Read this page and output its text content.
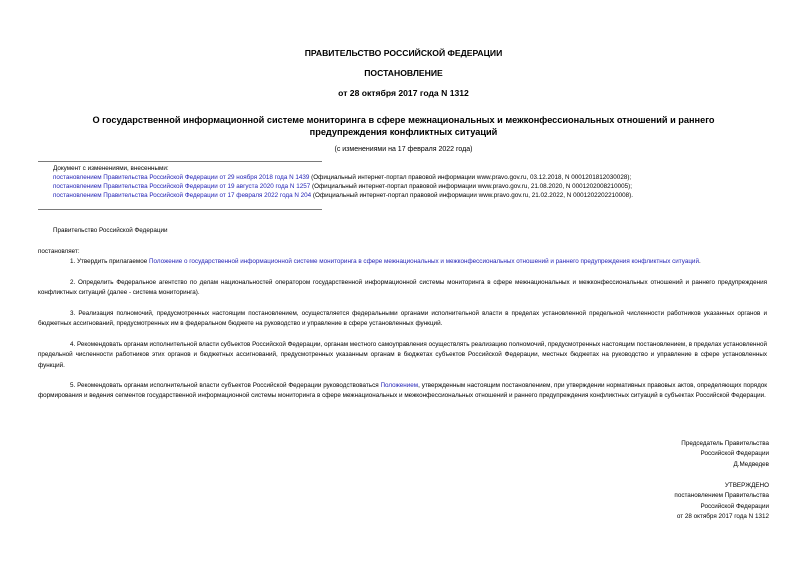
ПРАВИТЕЛЬСТВО РОССИЙСКОЙ ФЕДЕРАЦИИ
ПОСТАНОВЛЕНИЕ
от 28 октября 2017 года N 1312
О государственной информационной системе мониторинга в сфере межнациональных и межконфессиональных отношений и раннего предупреждения конфликтных ситуаций
(с изменениями на 17 февраля 2022 года)
Документ с изменениями, внесенными:
постановлением Правительства Российской Федерации от 29 ноября 2018 года N 1439 (Официальный интернет-портал правовой информации www.pravo.gov.ru, 03.12.2018, N 0001201812030028);
постановлением Правительства Российской Федерации от 19 августа 2020 года N 1257 (Официальный интернет-портал правовой информации www.pravo.gov.ru, 21.08.2020, N 0001202008210005);
постановлением Правительства Российской Федерации от 17 февраля 2022 года N 204 (Официальный интернет-портал правовой информации www.pravo.gov.ru, 21.02.2022, N 0001202202210008).
Правительство Российской Федерации
постановляет:
1. Утвердить прилагаемое Положение о государственной информационной системе мониторинга в сфере межнациональных и межконфессиональных отношений и раннего предупреждения конфликтных ситуаций.
2. Определить Федеральное агентство по делам национальностей оператором государственной информационной системы мониторинга в сфере межнациональных и межконфессиональных отношений и раннего предупреждения конфликтных ситуаций (далее - система мониторинга).
3. Реализация полномочий, предусмотренных настоящим постановлением, осуществляется федеральными органами исполнительной власти в пределах установленной предельной численности работников указанных органов и бюджетных ассигнований, предусмотренных им в федеральном бюджете на руководство и управление в сфере установленных функций.
4. Рекомендовать органам исполнительной власти субъектов Российской Федерации, органам местного самоуправления осуществлять реализацию полномочий, предусмотренных настоящим постановлением, в пределах установленной предельной численности работников этих органов и бюджетных ассигнований, предусмотренных указанным органам в бюджетах субъектов Российской Федерации, местных бюджетах на руководство и управление в сфере установленных функций.
5. Рекомендовать органам исполнительной власти субъектов Российской Федерации руководствоваться Положением, утвержденным настоящим постановлением, при утверждении нормативных правовых актов, определяющих порядок формирования и ведения сегментов государственной информационной системы мониторинга в сфере межнациональных и межконфессиональных отношений и раннего предупреждения конфликтных ситуаций в субъектах Российской Федерации.
Председатель Правительства
Российской Федерации
Д.Медведев
УТВЕРЖДЕНО
постановлением Правительства
Российской Федерации
от 28 октября 2017 года N 1312
